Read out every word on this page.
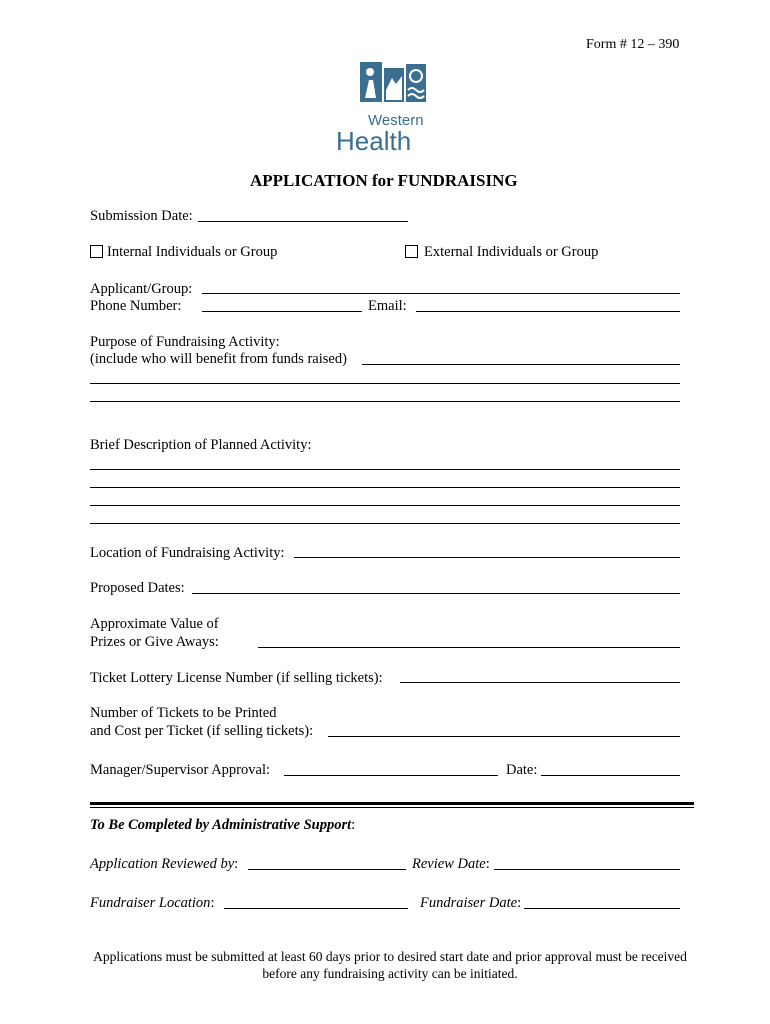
Form # 12 – 390
Western
Health
APPLICATION for FUNDRAISING
Submission Date:
Internal Individuals or Group	External Individuals or Group
Applicant/Group:
Phone Number:	Email:
Purpose of Fundraising Activity:
(include who will benefit from funds raised)
Brief Description of Planned Activity:
Location of Fundraising Activity:
Proposed Dates:
Approximate Value of
Prizes or Give Aways:
Ticket Lottery License Number (if selling tickets):
Number of Tickets to be Printed
and Cost per Ticket (if selling tickets):
Manager/Supervisor Approval:	Date:
To Be Completed by Administrative Support:
Application Reviewed by:	Review Date:
Fundraiser Location:	Fundraiser Date:
Applications must be submitted at least 60 days prior to desired start date and prior approval must be received before any fundraising activity can be initiated.
